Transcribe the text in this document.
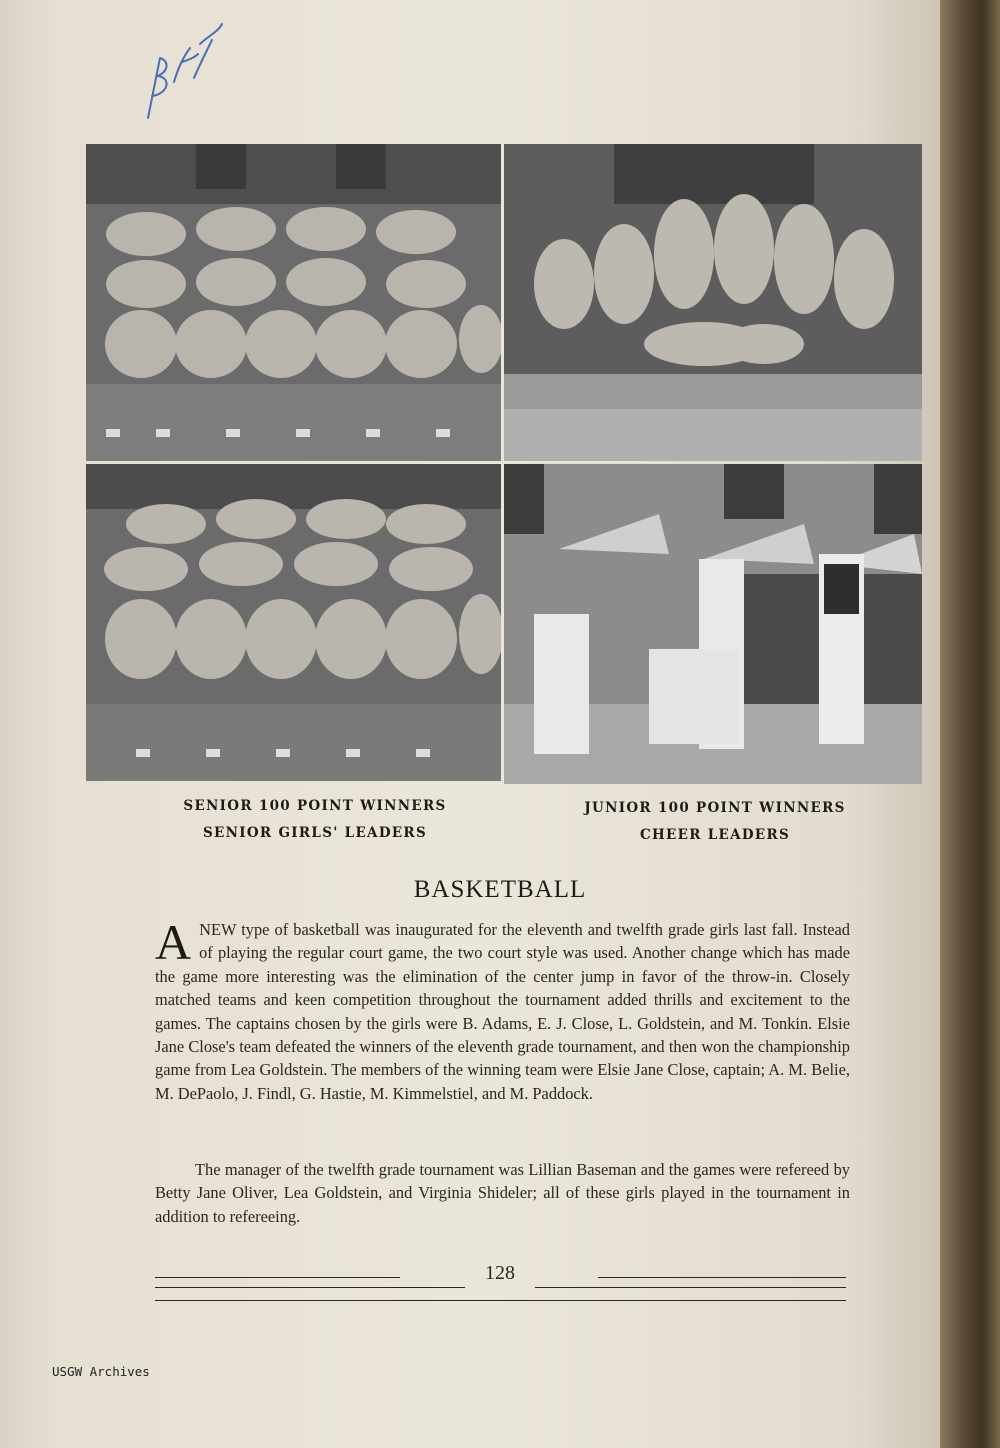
SENIOR 100 POINT WINNERS
SENIOR GIRLS' LEADERS
JUNIOR 100 POINT WINNERS
CHEER LEADERS
BASKETBALL
A NEW type of basketball was inaugurated for the eleventh and twelfth grade girls last fall. Instead of playing the regular court game, the two court style was used. Another change which has made the game more interesting was the elimination of the center jump in favor of the throw-in. Closely matched teams and keen competition throughout the tournament added thrills and excitement to the games. The captains chosen by the girls were B. Adams, E. J. Close, L. Goldstein, and M. Tonkin. Elsie Jane Close's team defeated the winners of the eleventh grade tournament, and then won the championship game from Lea Goldstein. The members of the winning team were Elsie Jane Close, captain; A. M. Belie, M. DePaolo, J. Findl, G. Hastie, M. Kimmelstiel, and M. Paddock.
The manager of the twelfth grade tournament was Lillian Baseman and the games were refereed by Betty Jane Oliver, Lea Goldstein, and Virginia Shideler; all of these girls played in the tournament in addition to refereeing.
128
USGW Archives
